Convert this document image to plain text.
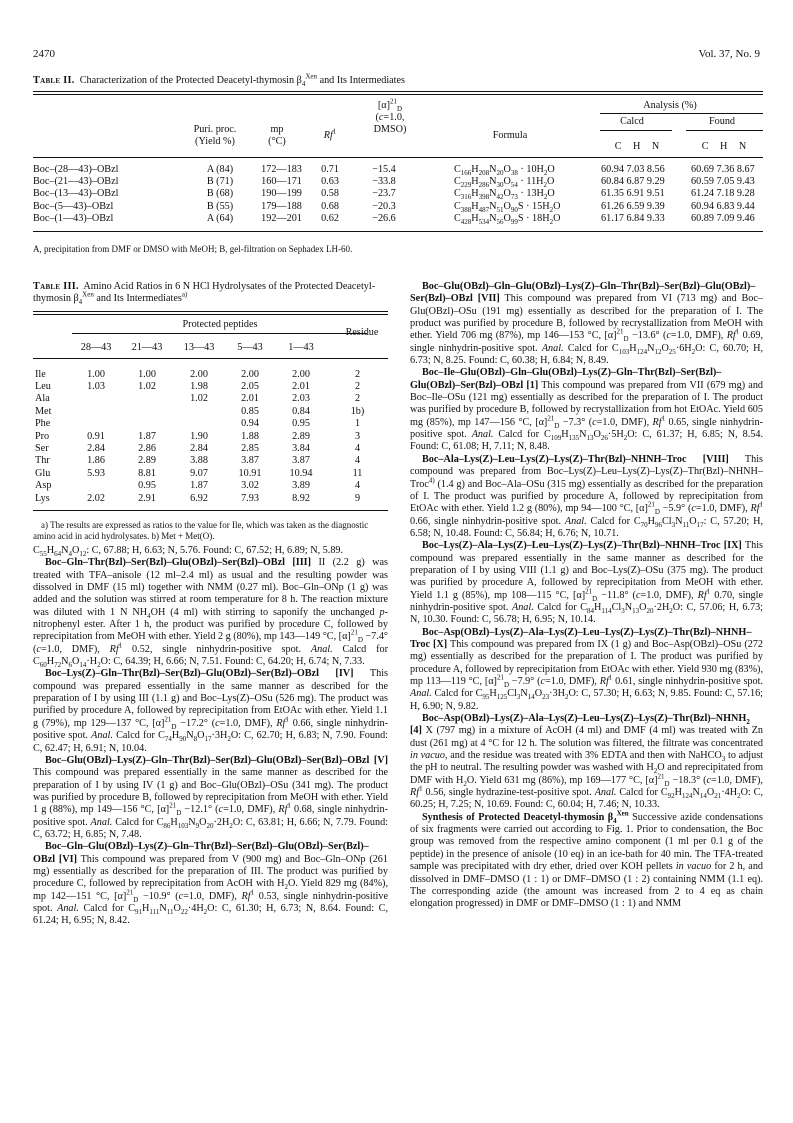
2470	Vol. 37, No. 9
Table II. Characterization of the Protected Deacetyl-thymosin $\beta_4^{Xen}$ and Its Intermediates
Puri. proc.
(Yield %)
mp
(°C)
Rf$^1$
$[\alpha]^{21}_D$
(c=1.0,
DMSO)
Formula
Analysis (%)
Calcd	Found
C H N	C H N
Boc–(28—43)–OBzl	A (84)	172—183	0.71	−15.4	$C_{166}H_{208}N_{20}O_{38} \cdot 10H_2O$	60.94 7.03 8.56	60.69 7.36 8.67
Boc–(21—43)–OBzl	B (71)	160—171	0.63	−33.8	$C_{229}H_{286}N_{30}O_{54} \cdot 11H_2O$	60.84 6.87 9.29	60.59 7.05 9.43
Boc–(13—43)–OBzl	B (68)	190—199	0.58	−23.7	$C_{316}H_{398}N_{42}O_{73} \cdot 13H_2O$	61.35 6.91 9.51	61.24 7.18 9.28
Boc–(5—43)–OBzl	B (55)	179—188	0.68	−20.3	$C_{388}H_{487}N_{51}O_{90}S \cdot 15H_2O$	61.26 6.59 9.39	60.94 6.83 9.44
Boc–(1—43)–OBzl	A (64)	192—201	0.62	−26.6	$C_{428}H_{534}N_{56}O_{99}S \cdot 18H_2O$	61.17 6.84 9.33	60.89 7.09 9.46
A, precipitation from DMF or DMSO with MeOH; B, gel-filtration on Sephadex LH-60.
Table III. Amino Acid Ratios in 6 N HCl Hydrolysates of the Protected Deacetyl-thymosin $\beta_4^{Xen}$ and Its Intermediates$^{a)}$
Protected peptides
Residue
	28—43	21—43	13—43	5—43	1—43	
Ile	1.00	1.00	2.00	2.00	2.00	2
Leu	1.03	1.02	1.98	2.05	2.01	2
Ala			1.02	2.01	2.03	2
Met				0.85	0.84	1b)
Phe				0.94	0.95	1
Pro	0.91	1.87	1.90	1.88	2.89	3
Ser	2.84	2.86	2.84	2.85	3.84	4
Thr	1.86	2.89	3.88	3.87	3.87	4
Glu	5.93	8.81	9.07	10.91	10.94	11
Asp		0.95	1.87	3.02	3.89	4
Lys	2.02	2.91	6.92	7.93	8.92	9
a) The results are expressed as ratios to the value for Ile, which was taken as the diagnostic amino acid in acid hydrolysates. b) Met + Met(O).

$C_{55}H_{64}N_4O_{12}$: C, 67.88; H, 6.63; N, 5.76. Found: C, 67.52; H, 6.89; N, 5.89.

Boc–Gln–Thr(Bzl)–Ser(Bzl)–Glu(OBzl)–Ser(Bzl)–OBzl [III] II (2.2 g) was treated with TFA–anisole (12 ml–2.4 ml) as usual and the resulting powder was dissolved in DMF (15 ml) together with NMM (0.27 ml). Boc–Gln–ONp (1 g) was added and the solution was stirred at room temperature for 8 h. The reaction mixture was diluted with 1 N $NH_4OH$ (4 ml) with stirring to saponify the unchanged p-nitrophenyl ester. After 1 h, the product was purified by procedure C, followed by reprecipitation from MeOH with ether. Yield 2 g (80%), mp 143—149 °C, $[\alpha]^{21}_D -7.4^\circ$ (c=1.0, DMF), Rf$^1$ 0.52, single ninhydrin-positive spot. Anal. Calcd for $C_{60}H_{72}N_6O_{14}\cdot H_2O$: C, 64.39; H, 6.66; N, 7.51. Found: C, 64.20; H, 6.74; N, 7.33.

Boc–Lys(Z)–Gln–Thr(Bzl)–Ser(Bzl)–Glu(OBzl)–Ser(Bzl)–OBzl [IV] This compound was prepared essentially in the same manner as described for the preparation of I by using III (1.1 g) and Boc–Lys(Z)–OSu (526 mg). The product was purified by procedure A, followed by reprecipitation from EtOAc with ether. Yield 1.1 g (79%), mp 129—137 °C, $[\alpha]^{21}_D -17.2^\circ$ (c=1.0, DMF), Rf$^1$ 0.66, single ninhydrin-positive spot. Anal. Calcd for $C_{74}H_{90}N_8O_{17}\cdot 3H_2O$: C, 62.70; H, 6.83; N, 7.90. Found: C, 62.47; H, 6.91; N, 10.04.

Boc–Glu(OBzl)–Lys(Z)–Gln–Thr(Bzl)–Ser(Bzl)–Glu(OBzl)–Ser(Bzl)–OBzl [V] This compound was prepared essentially in the same manner as described for the preparation of I by using IV (1 g) and Boc–Glu(OBzl)–OSu (341 mg). The product was purified by procedure B, followed by reprecipitation from MeOH with ether. Yield 1 g (88%), mp 149—156 °C, $[\alpha]^{21}_D -12.1^\circ$ (c=1.0, DMF), Rf$^1$ 0.68, single ninhydrin-positive spot. Anal. Calcd for $C_{86}H_{103}N_9O_{20}\cdot 2H_2O$: C, 63.81; H, 6.66; N, 7.79. Found: C, 63.72; H, 6.85; N, 7.48.

Boc–Gln–Glu(OBzl)–Lys(Z)–Gln–Thr(Bzl)–Ser(Bzl)–Glu(OBzl)–Ser(Bzl)–OBzl [VI] This compound was prepared from V (900 mg) and Boc–Gln–ONp (261 mg) essentially as described for the preparation of III. The product was purified by procedure C, followed by reprecipitation from AcOH with $H_2O$. Yield 829 mg (84%), mp 142—151 °C, $[\alpha]^{21}_D -10.9^\circ$ (c=1.0, DMF), Rf$^1$ 0.53, single ninhydrin-positive spot. Anal. Calcd for $C_{91}H_{111}N_{11}O_{22}\cdot 4H_2O$: C, 61.30; H, 6.73; N, 8.64. Found: C, 61.24; H, 6.95; N, 8.42.

Boc–Glu(OBzl)–Gln–Glu(OBzl)–Lys(Z)–Gln–Thr(Bzl)–Ser(Bzl)–Glu(OBzl)–Ser(Bzl)–OBzl [VII] This compound was prepared from VI (713 mg) and Boc–Glu(OBzl)–OSu (191 mg) essentially as described for the preparation of I. The product was purified by procedure B, followed by recrystallization from MeOH with ether. Yield 706 mg (87%), mp 146—153 °C, $[\alpha]^{21}_D -13.6^\circ$ (c=1.0, DMF), Rf$^1$ 0.69, single ninhydrin-positive spot. Anal. Calcd for $C_{103}H_{124}N_{12}O_{25}\cdot 6H_2O$: C, 60.70; H, 6.73; N, 8.25. Found: C, 60.38; H, 6.84; N, 8.49.

Boc–Ile–Glu(OBzl)–Gln–Glu(OBzl)–Lys(Z)–Gln–Thr(Bzl)–Ser(Bzl)–Glu(OBzl)–Ser(Bzl)–OBzl [1] This compound was prepared from VII (679 mg) and Boc–Ile–OSu (121 mg) essentially as described for the preparation of I. The product was purified by procedure B, followed by recrystallization from hot EtOAc. Yield 605 mg (85%), mp 147—156 °C, $[\alpha]^{21}_D -7.3^\circ$ (c=1.0, DMF), Rf$^1$ 0.65, single ninhydrin-positive spot. Anal. Calcd for $C_{109}H_{135}N_{13}O_{26}\cdot 5H_2O$: C, 61.37; H, 6.85; N, 8.54. Found: C, 61.08; H, 7.11; N, 8.48.

Boc–Ala–Lys(Z)–Leu–Lys(Z)–Lys(Z)–Thr(Bzl)–NHNH–Troc [VIII] This compound was prepared from Boc–Lys(Z)–Leu–Lys(Z)–Lys(Z)–Thr(Bzl)–NHNH–Troc$^{4)}$ (1.4 g) and Boc–Ala–OSu (315 mg) essentially as described for the preparation of I. The product was purified by procedure A, followed by reprecipitation from EtOAc with ether. Yield 1.2 g (80%), mp 94—100 °C, $[\alpha]^{21}_D -5.9^\circ$ (c=1.0, DMF), Rf$^1$ 0.66, single ninhydrin-positive spot. Anal. Calcd for $C_{70}H_{96}Cl_3N_{11}O_{17}$: C, 57.20; H, 6.58; N, 10.48. Found: C, 56.84; H, 6.76; N, 10.71.

Boc–Lys(Z)–Ala–Lys(Z)–Leu–Lys(Z)–Lys(Z)–Thr(Bzl)–NHNH–Troc [IX] This compound was prepared essentially in the same manner as described for the preparation of I by using VIII (1.1 g) and Boc–Lys(Z)–OSu (375 mg). The product was purified by procedure A, followed by reprecipitation from MeOH with ether. Yield 1.1 g (85%), mp 108—115 °C, $[\alpha]^{21}_D -11.8^\circ$ (c=1.0, DMF), Rf$^1$ 0.70, single ninhydrin-positive spot. Anal. Calcd for $C_{84}H_{114}Cl_3N_{13}O_{20}\cdot 2H_2O$: C, 57.06; H, 6.73; N, 10.30. Found: C, 56.78; H, 6.95; N, 10.14.

Boc–Asp(OBzl)–Lys(Z)–Ala–Lys(Z)–Leu–Lys(Z)–Lys(Z)–Thr(Bzl)–NHNH–Troc [X] This compound was prepared from IX (1 g) and Boc–Asp(OBzl)–OSu (272 mg) essentially as described for the preparation of I. The product was purified by procedure A, followed by reprecipitation from EtOAc with ether. Yield 930 mg (83%), mp 113—119 °C, $[\alpha]^{21}_D -7.9^\circ$ (c=1.0, DMF), Rf$^1$ 0.61, single ninhydrin-positive spot. Anal. Calcd for $C_{95}H_{125}Cl_3N_{14}O_{23}\cdot 3H_2O$: C, 57.30; H, 6.63; N, 9.85. Found: C, 57.16; H, 6.90; N, 9.82.

Boc–$Asp(OBzl)-Lys(Z)-Ala-Lys(Z)-Leu-Lys(Z)-Lys(Z)-Thr(Bzl)-NHNH_2$ [4] X (797 mg) in a mixture of AcOH (4 ml) and DMF (4 ml) was treated with Zn dust (261 mg) at 4 °C for 12 h. The solution was filtered, the filtrate was concentrated in vacuo, and the residue was treated with 3% EDTA and then with NaHCO$_3$ to adjust the pH to neutral. The resulting powder was washed with $H_2O$ and reprecipitated from DMF with $H_2O$. Yield 631 mg (86%), mp 169—177 °C, $[\alpha]^{21}_D -18.3^\circ$ (c=1.0, DMF), Rf$^1$ 0.56, single hydrazine-test-positive spot. Anal. Calcd for $C_{92}H_{124}N_{14}O_{21}\cdot 4H_2O$: C, 60.25; H, 7.25; N, 10.69. Found: C, 60.04; H, 7.46; N, 10.33.

Synthesis of Protected Deacetyl-thymosin $\beta_4^{Xen}$ Successive azide condensations of six fragments were carried out according to Fig. 1. Prior to condensation, the Boc group was removed from the respective amino component (1 ml per 0.1 g of the peptide) in the presence of anisole (10 eq) in an ice-bath for 40 min. The TFA-treated sample was precipitated with dry ether, dried over KOH pellets in vacuo for 2 h, and dissolved in DMF–DMSO (1 : 1) or DMF–DMSO (1 : 2) containing NMM (1.1 eq). The corresponding azide (the amount was increased from 2 to 4 eq as chain elongation progressed) in DMF or DMF–DMSO (1 : 1) and NMM
